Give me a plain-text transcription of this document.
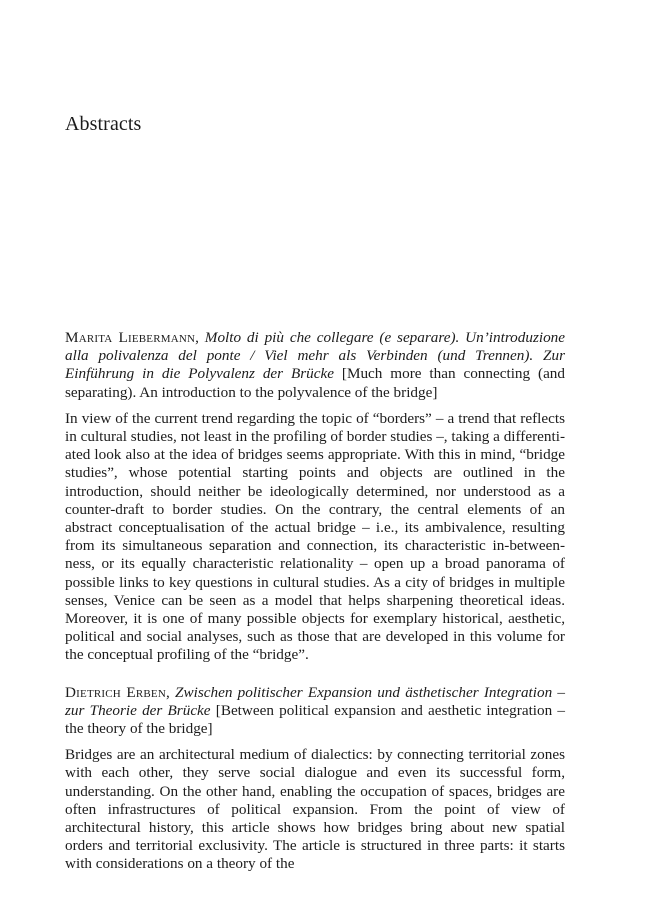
Abstracts

Marita Liebermann, Molto di più che collegare (e separare). Un’introduzione alla polivalenza del ponte / Viel mehr als Verbinden (und Trennen). Zur Einführung in die Polyvalenz der Brücke [Much more than connecting (and separating). An introduction to the polyvalence of the bridge]

In view of the current trend regarding the topic of “borders” – a trend that reflects in cultural studies, not least in the profiling of border studies –, taking a differentiated look also at the idea of bridges seems appropriate. With this in mind, “bridge studies”, whose potential starting points and objects are outlined in the introduction, should neither be ideologically determined, nor understood as a counter-draft to border studies. On the contrary, the central elements of an abstract conceptualisation of the actual bridge – i.e., its ambivalence, resulting from its simultaneous separation and connection, its characteristic in-between-ness, or its equally characteristic relationality – open up a broad panorama of possible links to key questions in cultural studies. As a city of bridges in multiple senses, Venice can be seen as a model that helps sharpening theoretical ideas. Moreover, it is one of many possible objects for exemplary historical, aesthetic, political and social analyses, such as those that are developed in this volume for the conceptual profiling of the “bridge”.

Dietrich Erben, Zwischen politischer Expansion und ästhetischer Integration – zur Theorie der Brücke [Between political expansion and aesthetic integration – the theory of the bridge]

Bridges are an architectural medium of dialectics: by connecting territorial zones with each other, they serve social dialogue and even its successful form, understanding. On the other hand, enabling the occupation of spaces, bridges are often infrastructures of political expansion. From the point of view of architectural history, this article shows how bridges bring about new spatial orders and territorial exclusivity. The article is structured in three parts: it starts with considerations on a theory of the
